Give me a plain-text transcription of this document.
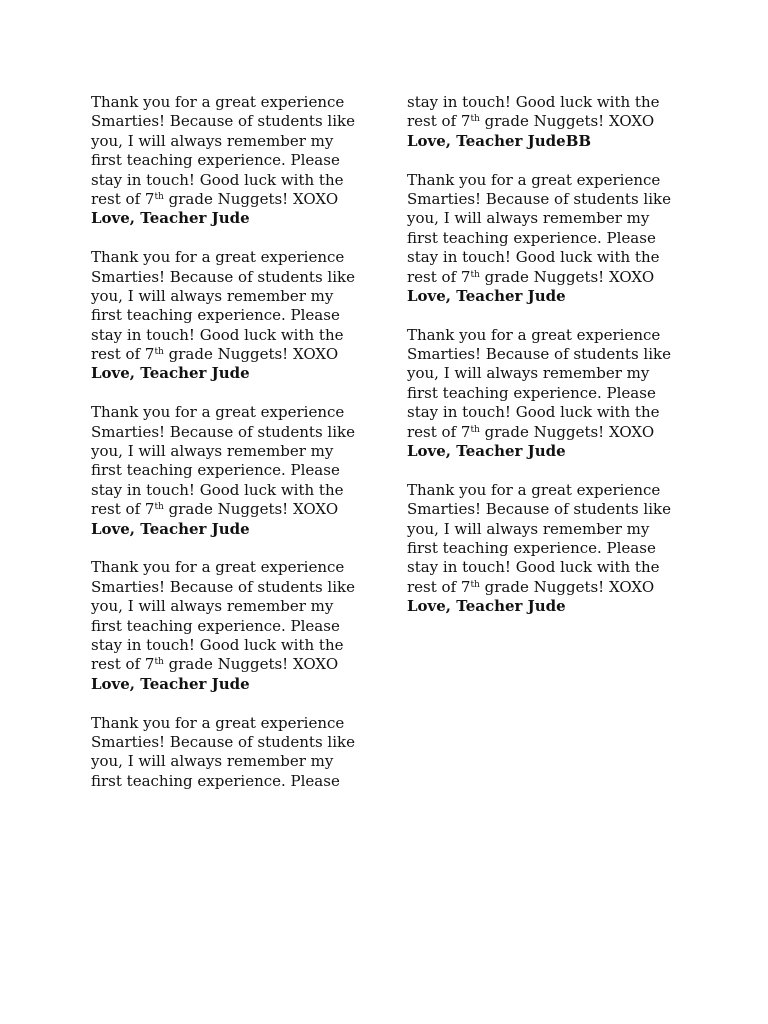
Thank you for a great experience
Smarties! Because of students like
you, I will always remember my
first teaching experience. Please
stay in touch! Good luck with the
rest of 7th grade Nuggets! XOXO
Love, Teacher Jude
Thank you for a great experience
Smarties! Because of students like
you, I will always remember my
first teaching experience. Please
stay in touch! Good luck with the
rest of 7th grade Nuggets! XOXO
Love, Teacher Jude
Thank you for a great experience
Smarties! Because of students like
you, I will always remember my
first teaching experience. Please
stay in touch! Good luck with the
rest of 7th grade Nuggets! XOXO
Love, Teacher Jude
Thank you for a great experience
Smarties! Because of students like
you, I will always remember my
first teaching experience. Please
stay in touch! Good luck with the
rest of 7th grade Nuggets! XOXO
Love, Teacher Jude
Thank you for a great experience
Smarties! Because of students like
you, I will always remember my
first teaching experience. Please
stay in touch! Good luck with the
rest of 7th grade Nuggets! XOXO
Love, Teacher JudeBB
Thank you for a great experience
Smarties! Because of students like
you, I will always remember my
first teaching experience. Please
stay in touch! Good luck with the
rest of 7th grade Nuggets! XOXO
Love, Teacher Jude
Thank you for a great experience
Smarties! Because of students like
you, I will always remember my
first teaching experience. Please
stay in touch! Good luck with the
rest of 7th grade Nuggets! XOXO
Love, Teacher Jude
Thank you for a great experience
Smarties! Because of students like
you, I will always remember my
first teaching experience. Please
stay in touch! Good luck with the
rest of 7th grade Nuggets! XOXO
Love, Teacher Jude
